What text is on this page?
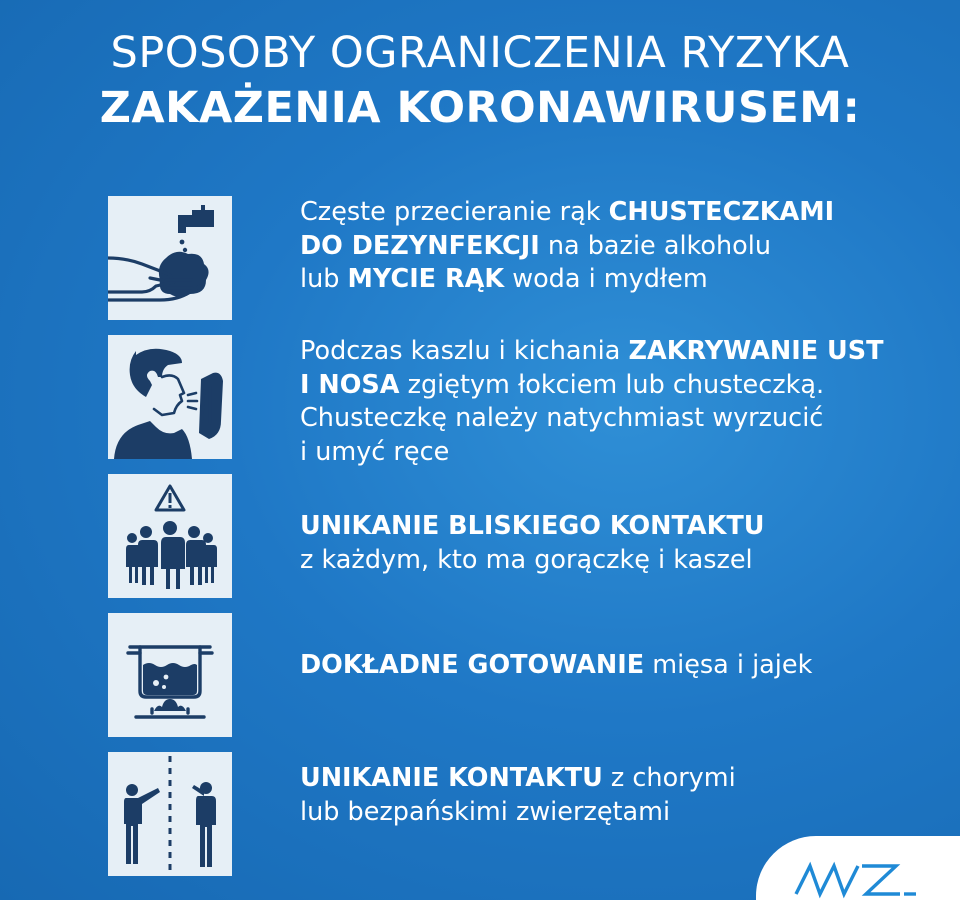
SPOSOBY OGRANICZENIA RYZYKA
ZAKAŻENIA KORONAWIRUSEM:
Częste przecieranie rąk CHUSTECZKAMI
DO DEZYNFEKCJI na bazie alkoholu
lub MYCIE RĄK woda i mydłem
Podczas kaszlu i kichania ZAKRYWANIE UST
I NOSA zgiętym łokciem lub chusteczką.
Chusteczkę należy natychmiast wyrzucić
i umyć ręce
UNIKANIE BLISKIEGO KONTAKTU
z każdym, kto ma gorączkę i kaszel
DOKŁADNE GOTOWANIE mięsa i jajek
UNIKANIE KONTAKTU z chorymi
lub bezpańskimi zwierzętami
